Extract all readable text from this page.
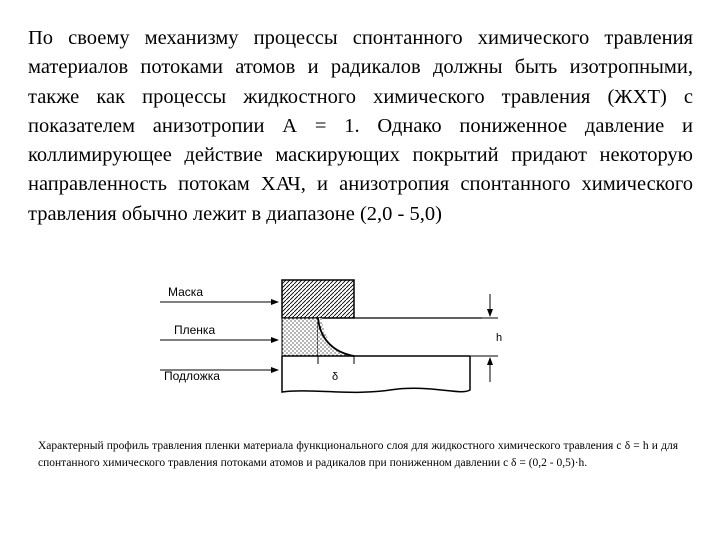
По своему механизму процессы спонтанного химического травления материалов потоками атомов и радикалов должны быть изотропными, также как процессы жидкостного химического травления (ЖХТ) с показателем анизотропии А = 1. Однако пониженное давление и коллимирующее действие маскирующих покрытий придают некоторую направленность потокам ХАЧ, и анизотропия спонтанного химического травления обычно лежит в диапазоне (2,0 - 5,0)

h
δ
Маска
Пленка
Подложка

Характерный профиль травления пленки материала функционального слоя для жидкостного химического травления с δ = h и для спонтанного химического травления потоками атомов и радикалов при пониженном давлении с δ = (0,2 - 0,5)·h.
